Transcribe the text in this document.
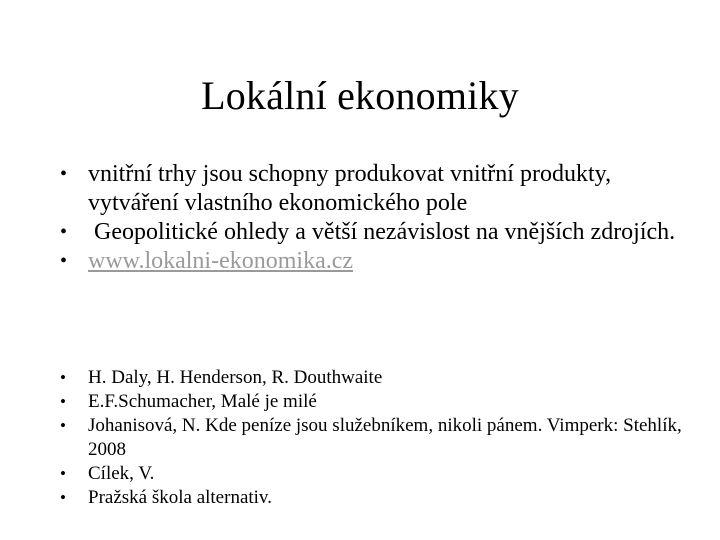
Lokální ekonomiky
• vnitřní trhy jsou schopny produkovat vnitřní produkty, vytváření vlastního ekonomického pole
• Geopolitické ohledy a větší nezávislost na vnějších zdrojích.
• www.lokalni-ekonomika.cz
• H. Daly, H. Henderson, R. Douthwaite
• E.F.Schumacher, Malé je milé
• Johanisová, N. Kde peníze jsou služebníkem, nikoli pánem. Vimperk: Stehlík, 2008
• Cílek, V.
• Pražská škola alternativ.
